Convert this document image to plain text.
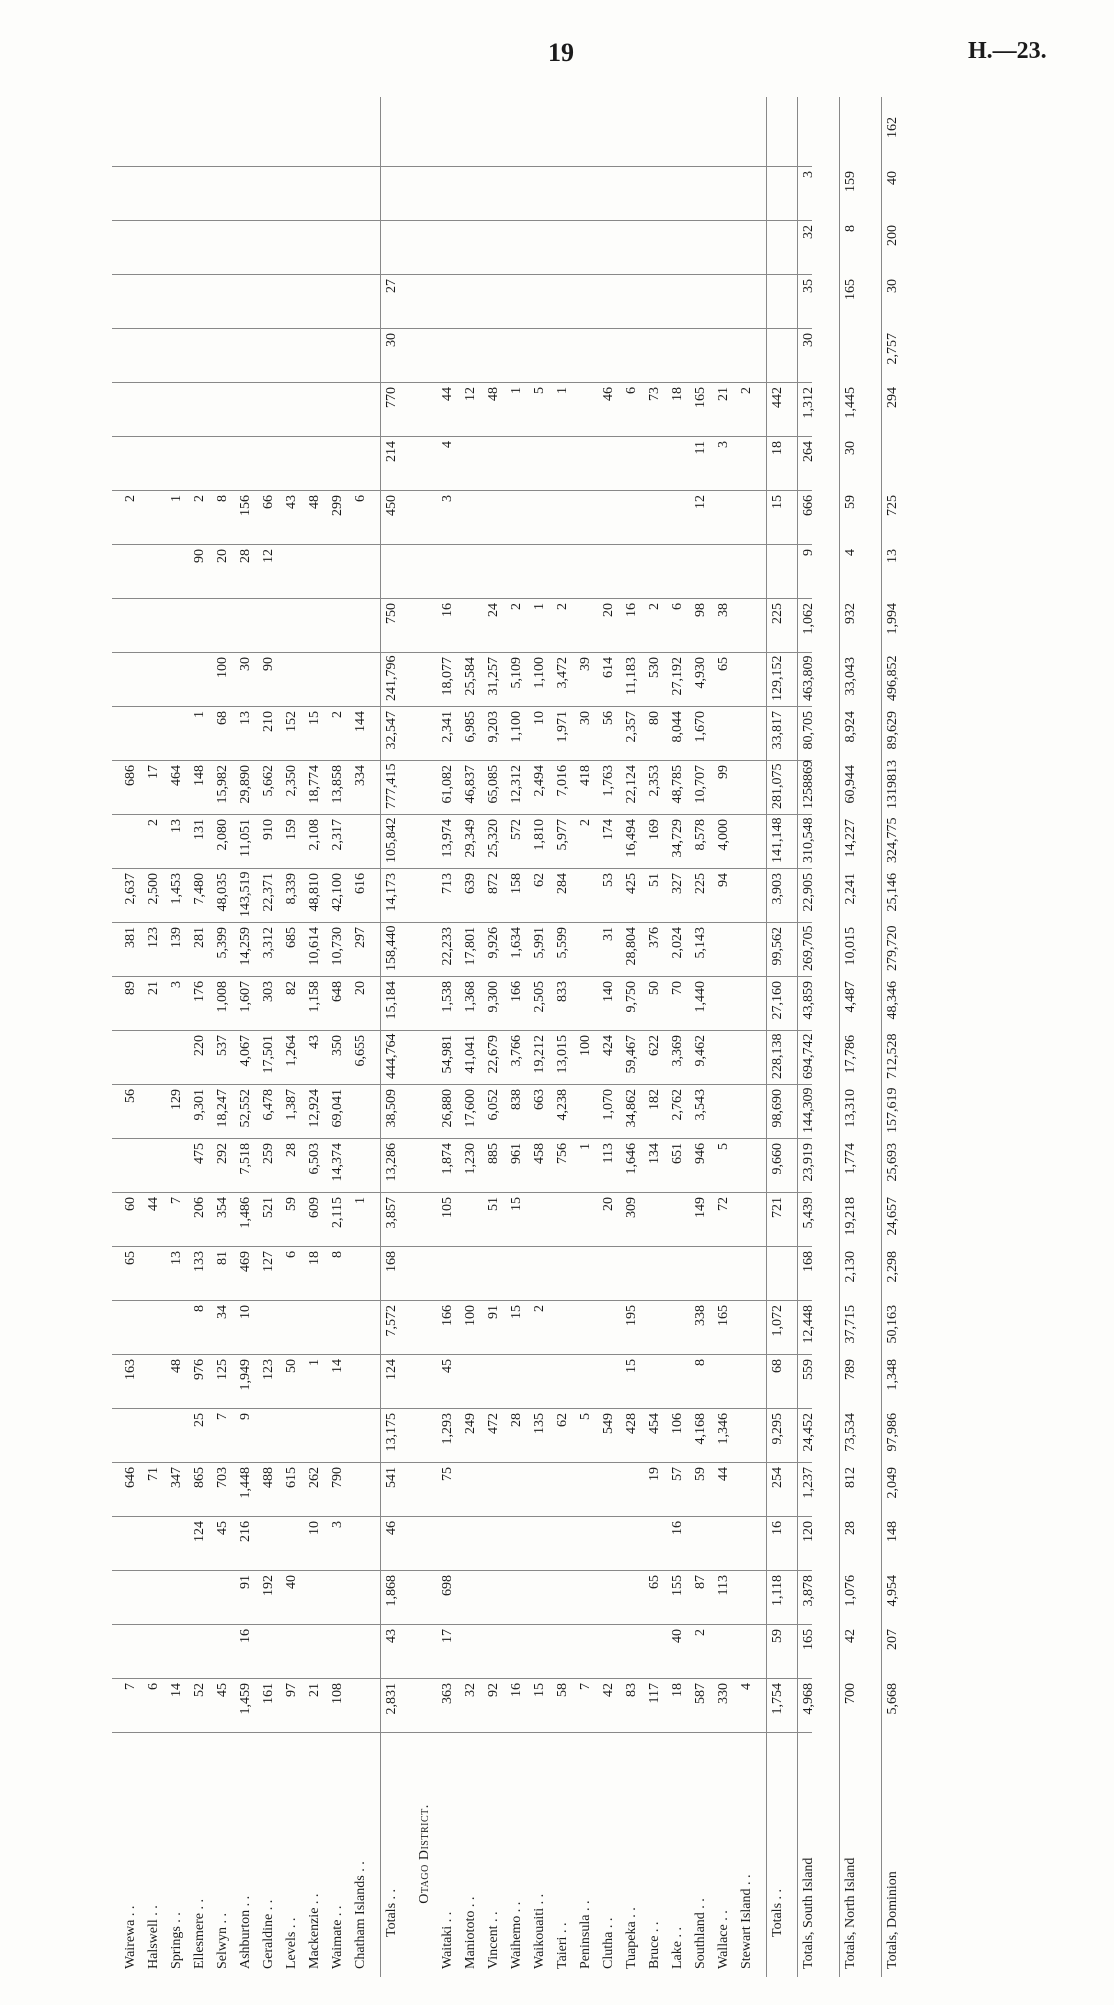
19	H.—23.
Wairewa . .
7
646
163
65
60
56
89
381
2,637
686
2
Halswell . .
6
71
44
21
123
2,500
2
17
Springs . .
14
347
48
13
7
129
3
139
1,453
13
464
1
Ellesmere . .
52
124
865
25
976
8
133
206
475
9,301
220
176
281
7,480
131
148
1
90
2
Selwyn . .
45
45
703
7
125
34
81
354
292
18,247
537
1,008
5,399
48,035
2,080
15,982
68
100
20
8
Ashburton . .
1,459
16
91
216
1,448
9
1,949
10
469
1,486
7,518
52,552
4,067
1,607
14,259
143,519
11,051
29,890
13
30
28
156
Geraldine . .
161
192
488
123
127
521
259
6,478
17,501
303
3,312
22,371
910
5,662
210
90
12
66
Levels . .
97
40
615
50
6
59
28
1,387
1,264
82
685
8,339
159
2,350
152
43
Mackenzie . .
21
10
262
1
18
609
6,503
12,924
43
1,158
10,614
48,810
2,108
18,774
15
48
Waimate . .
108
3
790
14
8
2,115
14,374
69,041
350
648
10,730
42,100
2,317
13,858
2
299
Chatham Islands . .
1
6,655
20
297
616
334
144
6
Totals . .
2,831
43
1,868
46
541
13,175
124
7,572
168
3,857
13,286
38,509
444,764
15,184
158,440
14,173
105,842
777,415
32,547
241,796
750
450
214
770
30
27
Otago District.
Waitaki . .
363
17
698
75
1,293
45
166
105
1,874
26,880
54,981
1,538
22,233
713
13,974
61,082
2,341
18,077
16
3
4
44
Maniototo . .
32
249
100
1,230
17,600
41,041
1,368
17,801
639
29,349
46,837
6,985
25,584
12
Vincent . .
92
472
91
51
885
6,052
22,679
9,300
9,926
872
25,320
65,085
9,203
31,257
24
48
Waihemo . .
16
28
15
15
961
838
3,766
166
1,634
158
572
12,312
1,100
5,109
2
1
Waikouaiti . .
15
135
2
458
663
19,212
2,505
5,991
62
1,810
2,494
10
1,100
1
5
Taieri . .
58
62
756
4,238
13,015
833
5,599
284
5,977
7,016
1,971
3,472
2
1
Peninsula . .
7
5
1
100
2
418
30
39
Clutha . .
42
549
20
113
1,070
424
140
31
53
174
1,763
56
614
20
46
Tuapeka . .
83
428
15
195
309
1,646
34,862
59,467
9,750
28,804
425
16,494
22,124
2,357
11,183
16
6
Bruce . .
117
65
19
454
134
182
622
50
376
51
169
2,353
80
530
2
73
Lake . .
18
40
155
16
57
106
651
2,762
3,369
70
2,024
327
34,729
48,785
8,044
27,192
6
18
Southland . .
587
2
87
59
4,168
8
338
149
946
3,543
9,462
1,440
5,143
225
8,578
10,707
1,670
4,930
98
12
11
165
Wallace . .
330
113
44
1,346
165
72
5
94
4,000
99
65
38
3
21
Stewart Island . .
4
2
Totals . .
1,754
59
1,118
16
254
9,295
68
1,072
721
9,660
98,690
228,138
27,160
99,562
3,903
141,148
281,075
33,817
129,152
225
15
18
442
Totals, South Island
4,968
165
3,878
120
1,237
24,452
559
12,448
168
5,439
23,919
144,309
694,742
43,859
269,705
22,905
310,548
1258869
80,705
463,809
1,062
9
666
264
1,312
30
35
32
3
Totals, North Island
700
42
1,076
28
812
73,534
789
37,715
2,130
19,218
1,774
13,310
17,786
4,487
10,015
2,241
14,227
60,944
8,924
33,043
932
4
59
30
1,445
165
8
159
Totals, Dominion
5,668
207
4,954
148
2,049
97,986
1,348
50,163
2,298
24,657
25,693
157,619
712,528
48,346
279,720
25,146
324,775
1319813
89,629
496,852
1,994
13
725
294
2,757
30
200
40
162
